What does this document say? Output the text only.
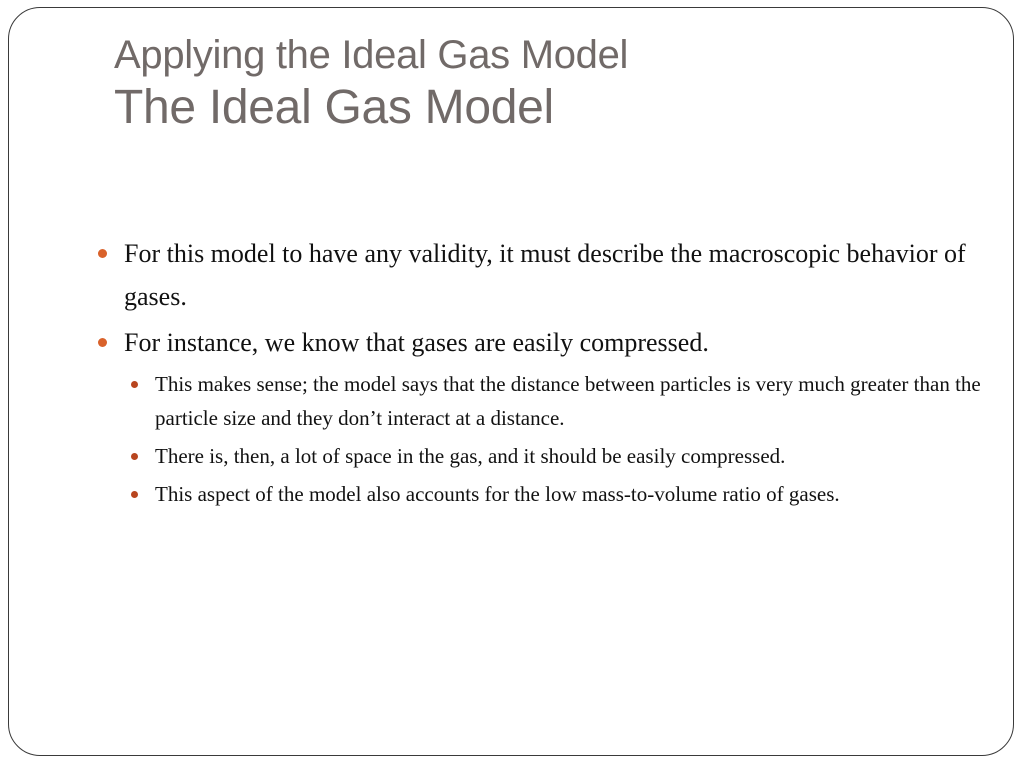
Applying the Ideal Gas Model
The Ideal Gas Model
For this model to have any validity, it must describe the macroscopic behavior of gases.
For instance, we know that gases are easily compressed.
This makes sense; the model says that the distance between particles is very much greater than the particle size and they don’t interact at a distance.
There is, then, a lot of space in the gas, and it should be easily compressed.
This aspect of the model also accounts for the low mass-to-volume ratio of gases.
